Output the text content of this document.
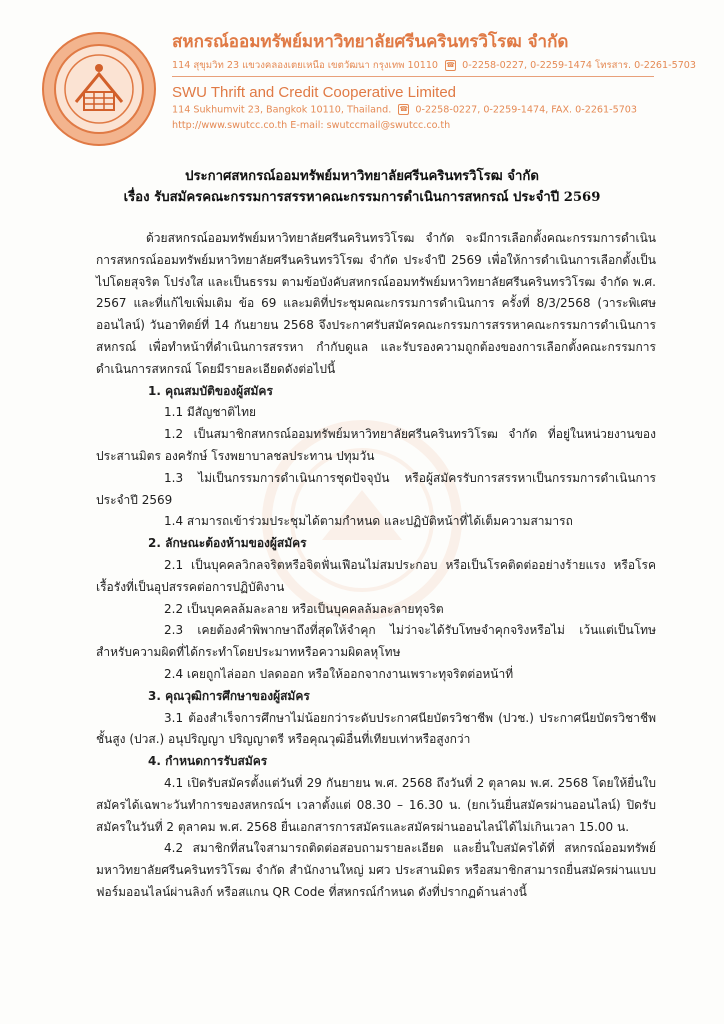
สหกรณ์ออมทรัพย์มหาวิทยาลัยศรีนครินทรวิโรฒ จำกัด
114 สุขุมวิท 23 แขวงคลองเตยเหนือ เขตวัฒนา กรุงเทพ 10110 ☎ 0-2258-0227, 0-2259-1474 โทรสาร. 0-2261-5703
SWU Thrift and Credit Cooperative Limited
114 Sukhumvit 23, Bangkok 10110, Thailand. ☎ 0-2258-0227, 0-2259-1474, FAX. 0-2261-5703
http://www.swutcc.co.th E-mail: swutccmail@swutcc.co.th
ประกาศสหกรณ์ออมทรัพย์มหาวิทยาลัยศรีนครินทรวิโรฒ จำกัด
เรื่อง รับสมัครคณะกรรมการสรรหาคณะกรรมการดำเนินการสหกรณ์ ประจำปี 2569

ด้วยสหกรณ์ออมทรัพย์มหาวิทยาลัยศรีนครินทรวิโรฒ จำกัด จะมีการเลือกตั้งคณะกรรมการดำเนินการสหกรณ์ออมทรัพย์มหาวิทยาลัยศรีนครินทรวิโรฒ จำกัด ประจำปี 2569 เพื่อให้การดำเนินการเลือกตั้งเป็นไปโดยสุจริต โปร่งใส และเป็นธรรม ตามข้อบังคับสหกรณ์ออมทรัพย์มหาวิทยาลัยศรีนครินทรวิโรฒ จำกัด พ.ศ. 2567 และที่แก้ไขเพิ่มเติม ข้อ 69 และมติที่ประชุมคณะกรรมการดำเนินการ ครั้งที่ 8/3/2568 (วาระพิเศษ ออนไลน์) วันอาทิตย์ที่ 14 กันยายน 2568 จึงประกาศรับสมัครคณะกรรมการสรรหาคณะกรรมการดำเนินการสหกรณ์ เพื่อทำหน้าที่ดำเนินการสรรหา กำกับดูแล และรับรองความถูกต้องของการเลือกตั้งคณะกรรมการดำเนินการสหกรณ์ โดยมีรายละเอียดดังต่อไปนี้

1. คุณสมบัติของผู้สมัคร

1.1 มีสัญชาติไทย

1.2 เป็นสมาชิกสหกรณ์ออมทรัพย์มหาวิทยาลัยศรีนครินทรวิโรฒ จำกัด ที่อยู่ในหน่วยงานของประสานมิตร องครักษ์ โรงพยาบาลชลประทาน ปทุมวัน

1.3 ไม่เป็นกรรมการดำเนินการชุดปัจจุบัน หรือผู้สมัครรับการสรรหาเป็นกรรมการดำเนินการประจำปี 2569

1.4 สามารถเข้าร่วมประชุมได้ตามกำหนด และปฏิบัติหน้าที่ได้เต็มความสามารถ

2. ลักษณะต้องห้ามของผู้สมัคร

2.1 เป็นบุคคลวิกลจริตหรือจิตฟั่นเฟือนไม่สมประกอบ หรือเป็นโรคติดต่ออย่างร้ายแรง หรือโรคเรื้อรังที่เป็นอุปสรรคต่อการปฏิบัติงาน

2.2 เป็นบุคคลล้มละลาย หรือเป็นบุคคลล้มละลายทุจริต

2.3 เคยต้องคำพิพากษาถึงที่สุดให้จำคุก ไม่ว่าจะได้รับโทษจำคุกจริงหรือไม่ เว้นแต่เป็นโทษสำหรับความผิดที่ได้กระทำโดยประมาทหรือความผิดลหุโทษ

2.4 เคยถูกไล่ออก ปลดออก หรือให้ออกจากงานเพราะทุจริตต่อหน้าที่

3. คุณวุฒิการศึกษาของผู้สมัคร

3.1 ต้องสำเร็จการศึกษาไม่น้อยกว่าระดับประกาศนียบัตรวิชาชีพ (ปวช.) ประกาศนียบัตรวิชาชีพชั้นสูง (ปวส.) อนุปริญญา ปริญญาตรี หรือคุณวุฒิอื่นที่เทียบเท่าหรือสูงกว่า

4. กำหนดการรับสมัคร

4.1 เปิดรับสมัครตั้งแต่วันที่ 29 กันยายน พ.ศ. 2568 ถึงวันที่ 2 ตุลาคม พ.ศ. 2568 โดยให้ยื่นใบสมัครได้เฉพาะวันทำการของสหกรณ์ฯ เวลาตั้งแต่ 08.30 – 16.30 น. (ยกเว้นยื่นสมัครผ่านออนไลน์) ปิดรับสมัครในวันที่ 2 ตุลาคม พ.ศ. 2568 ยื่นเอกสารการสมัครและสมัครผ่านออนไลน์ได้ไม่เกินเวลา 15.00 น.

4.2 สมาชิกที่สนใจสามารถติดต่อสอบถามรายละเอียด และยื่นใบสมัครได้ที่ สหกรณ์ออมทรัพย์มหาวิทยาลัยศรีนครินทรวิโรฒ จำกัด สำนักงานใหญ่ มศว ประสานมิตร หรือสมาชิกสามารถยื่นสมัครผ่านแบบฟอร์มออนไลน์ผ่านลิงก์ หรือสแกน QR Code ที่สหกรณ์กำหนด ดังที่ปรากฏด้านล่างนี้
